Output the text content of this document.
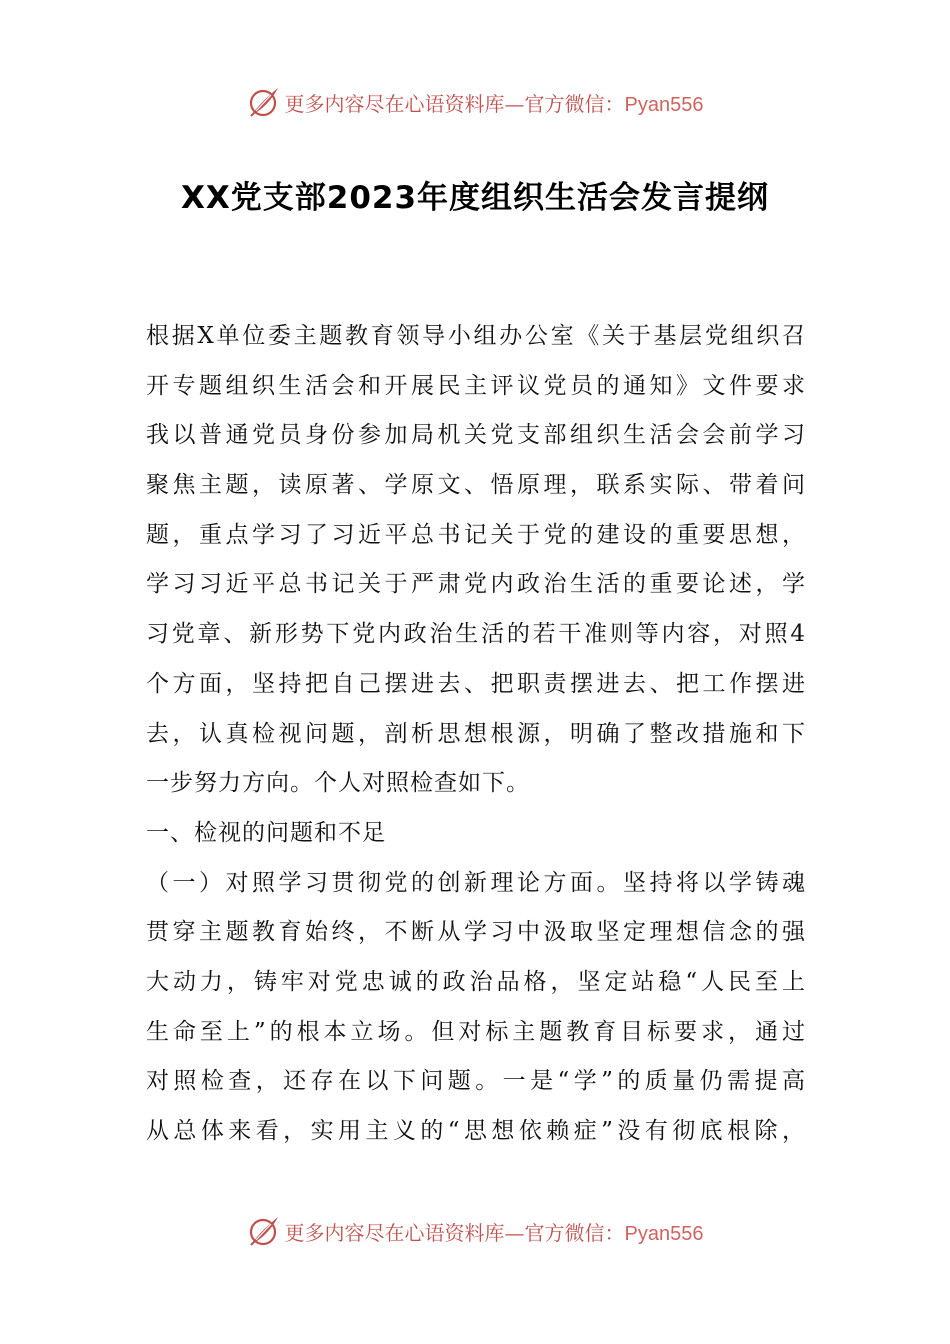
更多内容尽在心语资料库—官方微信：Pyan556
XX党支部2023年度组织生活会发言提纲
根据X单位委主题教育领导小组办公室《关于基层党组织召
开专题组织生活会和开展民主评议党员的通知》文件要求
我以普通党员身份参加局机关党支部组织生活会会前学习
聚焦主题，读原著、学原文、悟原理，联系实际、带着问
题，重点学习了习近平总书记关于党的建设的重要思想，
学习习近平总书记关于严肃党内政治生活的重要论述，学
习党章、新形势下党内政治生活的若干准则等内容，对照4
个方面，坚持把自己摆进去、把职责摆进去、把工作摆进
去，认真检视问题，剖析思想根源，明确了整改措施和下
一步努力方向。个人对照检查如下。
一、检视的问题和不足
（一）对照学习贯彻党的创新理论方面。坚持将以学铸魂
贯穿主题教育始终，不断从学习中汲取坚定理想信念的强
大动力，铸牢对党忠诚的政治品格，坚定站稳“人民至上
生命至上”的根本立场。但对标主题教育目标要求，通过
对照检查，还存在以下问题。一是“学”的质量仍需提高
从总体来看，实用主义的“思想依赖症”没有彻底根除，
更多内容尽在心语资料库—官方微信：Pyan556
